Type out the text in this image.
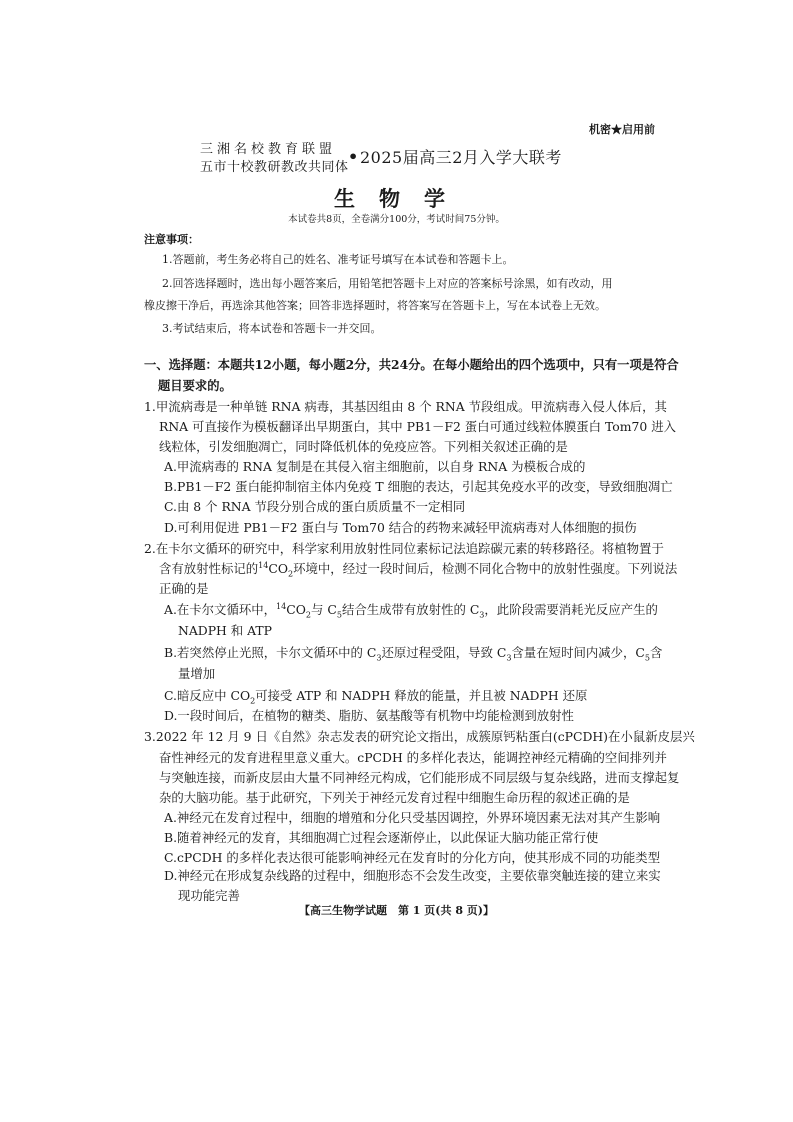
机密★启用前
三湘名校教育联盟
五市十校教研教改共同体
• 2025届高三2月入学大联考
生物学
本试卷共8页，全卷满分100分，考试时间75分钟。
注意事项：
1.答题前，考生务必将自己的姓名、准考证号填写在本试卷和答题卡上。
2.回答选择题时，选出每小题答案后，用铅笔把答题卡上对应的答案标号涂黑，如有改动，用
橡皮擦干净后，再选涂其他答案；回答非选择题时，将答案写在答题卡上，写在本试卷上无效。
3.考试结束后，将本试卷和答题卡一并交回。
一、选择题：本题共12小题，每小题2分，共24分。在每小题给出的四个选项中，只有一项是符合
题目要求的。
1.甲流病毒是一种单链 RNA 病毒，其基因组由 8 个 RNA 节段组成。甲流病毒入侵人体后，其
RNA 可直接作为模板翻译出早期蛋白，其中 PB1－F2 蛋白可通过线粒体膜蛋白 Tom70 进入
线粒体，引发细胞凋亡，同时降低机体的免疫应答。下列相关叙述正确的是
A.甲流病毒的 RNA 复制是在其侵入宿主细胞前，以自身 RNA 为模板合成的
B.PB1－F2 蛋白能抑制宿主体内免疫 T 细胞的表达，引起其免疫水平的改变，导致细胞凋亡
C.由 8 个 RNA 节段分别合成的蛋白质质量不一定相同
D.可利用促进 PB1－F2 蛋白与 Tom70 结合的药物来减轻甲流病毒对人体细胞的损伤
2.在卡尔文循环的研究中，科学家利用放射性同位素标记法追踪碳元素的转移路径。将植物置于
含有放射性标记的$^{14}CO_2$环境中，经过一段时间后，检测不同化合物中的放射性强度。下列说法
正确的是
A.在卡尔文循环中，$^{14}CO_2$与 $C_5$结合生成带有放射性的 $C_3$，此阶段需要消耗光反应产生的
NADPH 和 ATP
B.若突然停止光照，卡尔文循环中的 $C_3$还原过程受阻，导致 $C_3$含量在短时间内减少，$C_5$含
量增加
C.暗反应中 $CO_2$可接受 ATP 和 NADPH 释放的能量，并且被 NADPH 还原
D.一段时间后，在植物的糖类、脂肪、氨基酸等有机物中均能检测到放射性
3.2022 年 12 月 9 日《自然》杂志发表的研究论文指出，成簇原钙粘蛋白(cPCDH)在小鼠新皮层兴
奋性神经元的发育进程里意义重大。cPCDH 的多样化表达，能调控神经元精确的空间排列并
与突触连接，而新皮层由大量不同神经元构成，它们能形成不同层级与复杂线路，进而支撑起复
杂的大脑功能。基于此研究，下列关于神经元发育过程中细胞生命历程的叙述正确的是
A.神经元在发育过程中，细胞的增殖和分化只受基因调控，外界环境因素无法对其产生影响
B.随着神经元的发育，其细胞凋亡过程会逐渐停止，以此保证大脑功能正常行使
C.cPCDH 的多样化表达很可能影响神经元在发育时的分化方向，使其形成不同的功能类型
D.神经元在形成复杂线路的过程中，细胞形态不会发生改变，主要依靠突触连接的建立来实
现功能完善
【高三生物学试题　第 1 页(共 8 页)】
